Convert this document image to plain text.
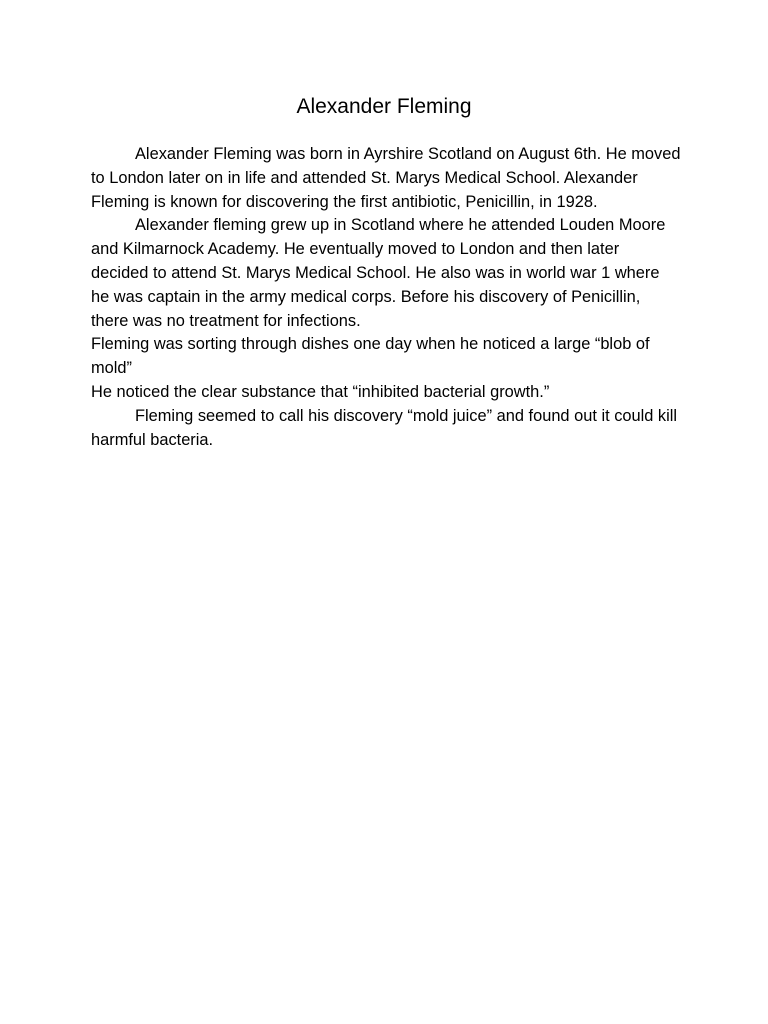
Alexander Fleming

Alexander Fleming was born in Ayrshire Scotland on August 6th. He moved to London later on in life and attended St. Marys Medical School. Alexander Fleming is known for discovering the first antibiotic, Penicillin, in 1928.

Alexander fleming grew up in Scotland where he attended Louden Moore and Kilmarnock Academy. He eventually moved to London and then later decided to attend St. Marys Medical School. He also was in world war 1 where he was captain in the army medical corps. Before his discovery of Penicillin, there was no treatment for infections.

Fleming was sorting through dishes one day when he noticed a large “blob of mold”

He noticed the clear substance that “inhibited bacterial growth.”

Fleming seemed to call his discovery “mold juice” and found out it could kill harmful bacteria.
